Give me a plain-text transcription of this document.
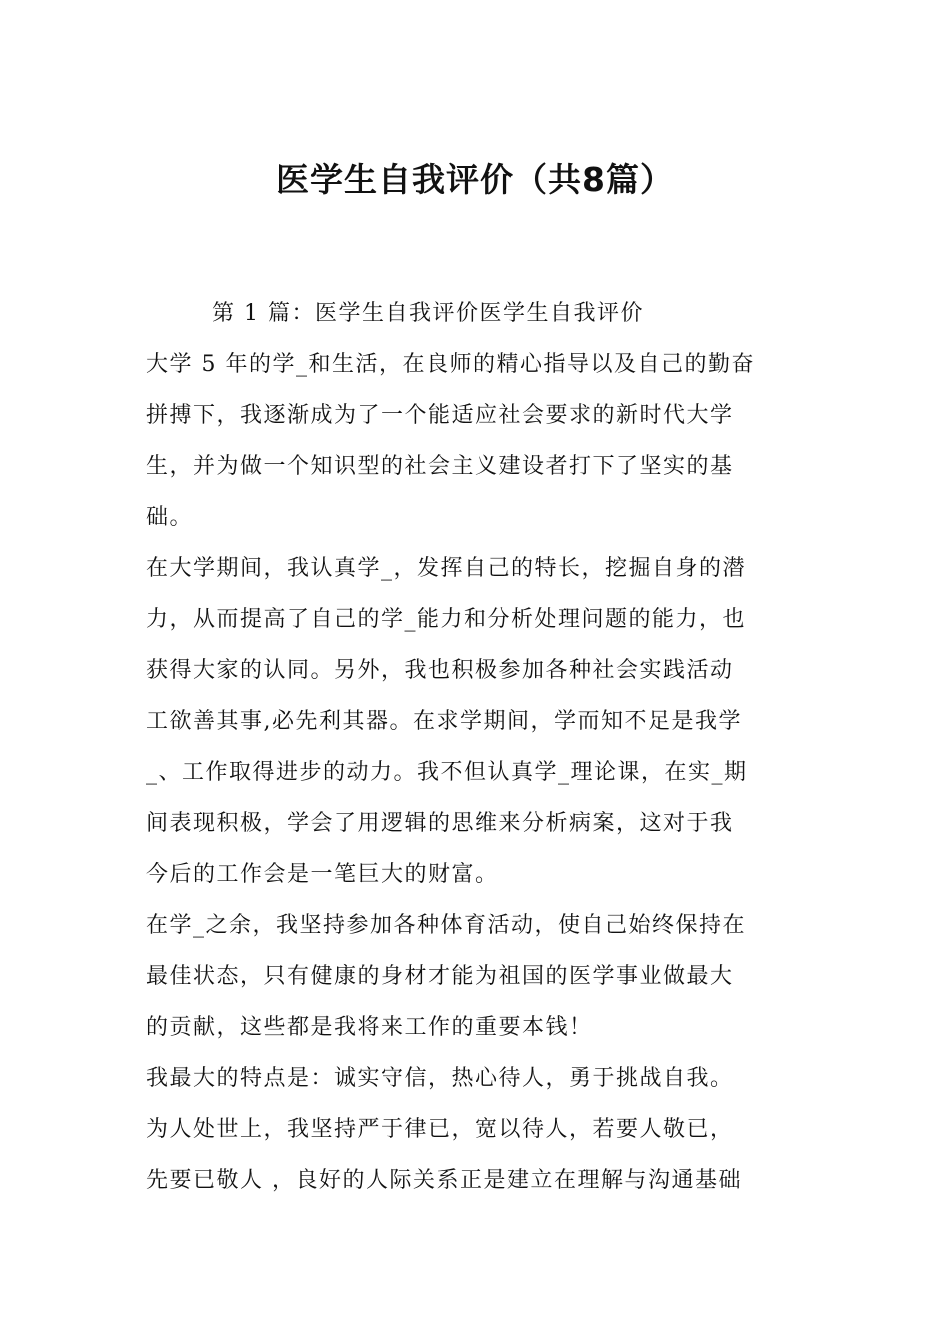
医学生自我评价（共8篇）
第 1 篇：医学生自我评价医学生自我评价
大学 5 年的学_和生活，在良师的精心指导以及自己的勤奋
拼搏下，我逐渐成为了一个能适应社会要求的新时代大学
生，并为做一个知识型的社会主义建设者打下了坚实的基
础。
在大学期间，我认真学_，发挥自己的特长，挖掘自身的潜
力，从而提高了自己的学_能力和分析处理问题的能力，也
获得大家的认同。另外，我也积极参加各种社会实践活动
工欲善其事,必先利其器。在求学期间，学而知不足是我学
_、工作取得进步的动力。我不但认真学_理论课，在实_期
间表现积极，学会了用逻辑的思维来分析病案，这对于我
今后的工作会是一笔巨大的财富。
在学_之余，我坚持参加各种体育活动，使自己始终保持在
最佳状态，只有健康的身材才能为祖国的医学事业做最大
的贡献，这些都是我将来工作的重要本钱！
我最大的特点是：诚实守信，热心待人，勇于挑战自我。
为人处世上，我坚持严于律已，宽以待人，若要人敬已，
先要已敬人 ，良好的人际关系正是建立在理解与沟通基础
